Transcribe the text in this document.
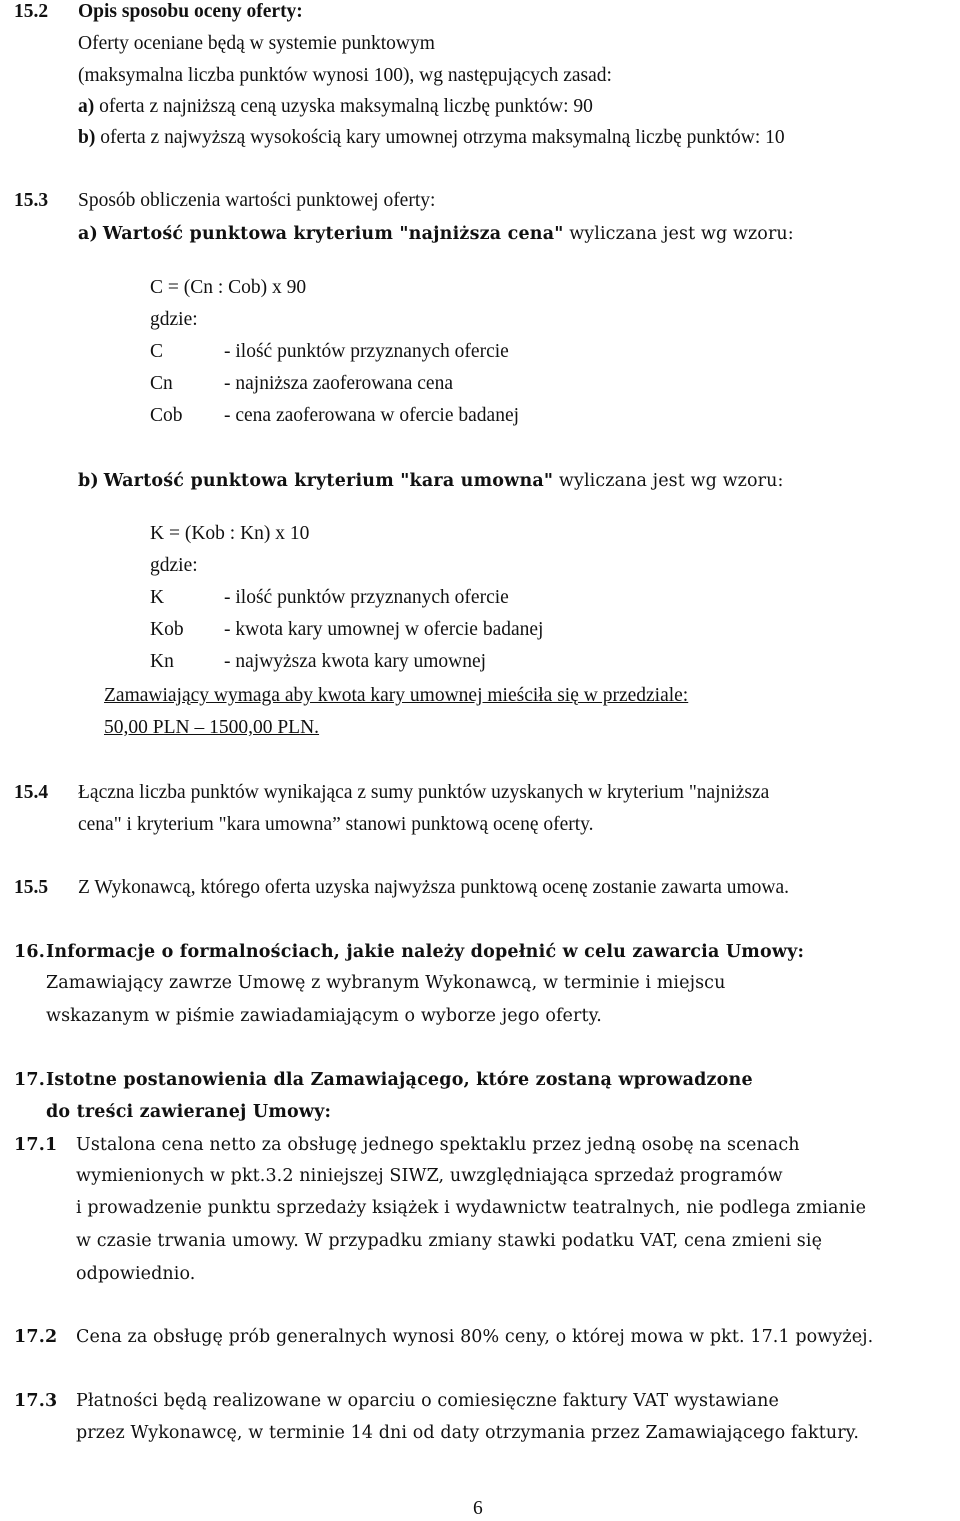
15.2 Opis sposobu oceny oferty:
Oferty oceniane będą w systemie punktowym
(maksymalna liczba punktów wynosi 100), wg następujących zasad:
a) oferta z najniższą ceną uzyska maksymalną liczbę punktów: 90
b) oferta z najwyższą wysokością kary umownej otrzyma maksymalną liczbę punktów: 10
15.3 Sposób obliczenia wartości punktowej oferty:
a) Wartość punktowa kryterium "najniższa cena" wyliczana jest wg wzoru:
C = (Cn : Cob) x 90
gdzie:
C	- ilość punktów przyznanych ofercie
Cn	- najniższa zaoferowana cena
Cob - cena zaoferowana w ofercie badanej
b) Wartość punktowa kryterium "kara umowna" wyliczana jest wg wzoru:
K = (Kob : Kn) x 10
gdzie:
K	- ilość punktów przyznanych ofercie
Kob - kwota kary umownej w ofercie badanej
Kn	- najwyższa kwota kary umownej
Zamawiający wymaga aby kwota kary umownej mieściła się w przedziale:
50,00 PLN – 1500,00 PLN.
15.4 Łączna liczba punktów wynikająca z sumy punktów uzyskanych w kryterium "najniższa
cena" i kryterium "kara umowna” stanowi punktową ocenę oferty.
15.5 Z Wykonawcą, którego oferta uzyska najwyższa punktową ocenę zostanie zawarta umowa.
16. Informacje o formalnościach, jakie należy dopełnić w celu zawarcia Umowy:
Zamawiający zawrze Umowę z wybranym Wykonawcą, w terminie i miejscu
wskazanym w piśmie zawiadamiającym o wyborze jego oferty.
17. Istotne postanowienia dla Zamawiającego, które zostaną wprowadzone
do treści zawieranej Umowy:
17.1 Ustalona cena netto za obsługę jednego spektaklu przez jedną osobę na scenach
wymienionych w pkt.3.2 niniejszej SIWZ, uwzględniająca sprzedaż programów
i prowadzenie punktu sprzedaży książek i wydawnictw teatralnych, nie podlega zmianie
w czasie trwania umowy. W przypadku zmiany stawki podatku VAT, cena zmieni się
odpowiednio.
17.2 Cena za obsługę prób generalnych wynosi 80% ceny, o której mowa w pkt. 17.1 powyżej.
17.3 Płatności będą realizowane w oparciu o comiesięczne faktury VAT wystawiane
przez Wykonawcę, w terminie 14 dni od daty otrzymania przez Zamawiającego faktury.
6
